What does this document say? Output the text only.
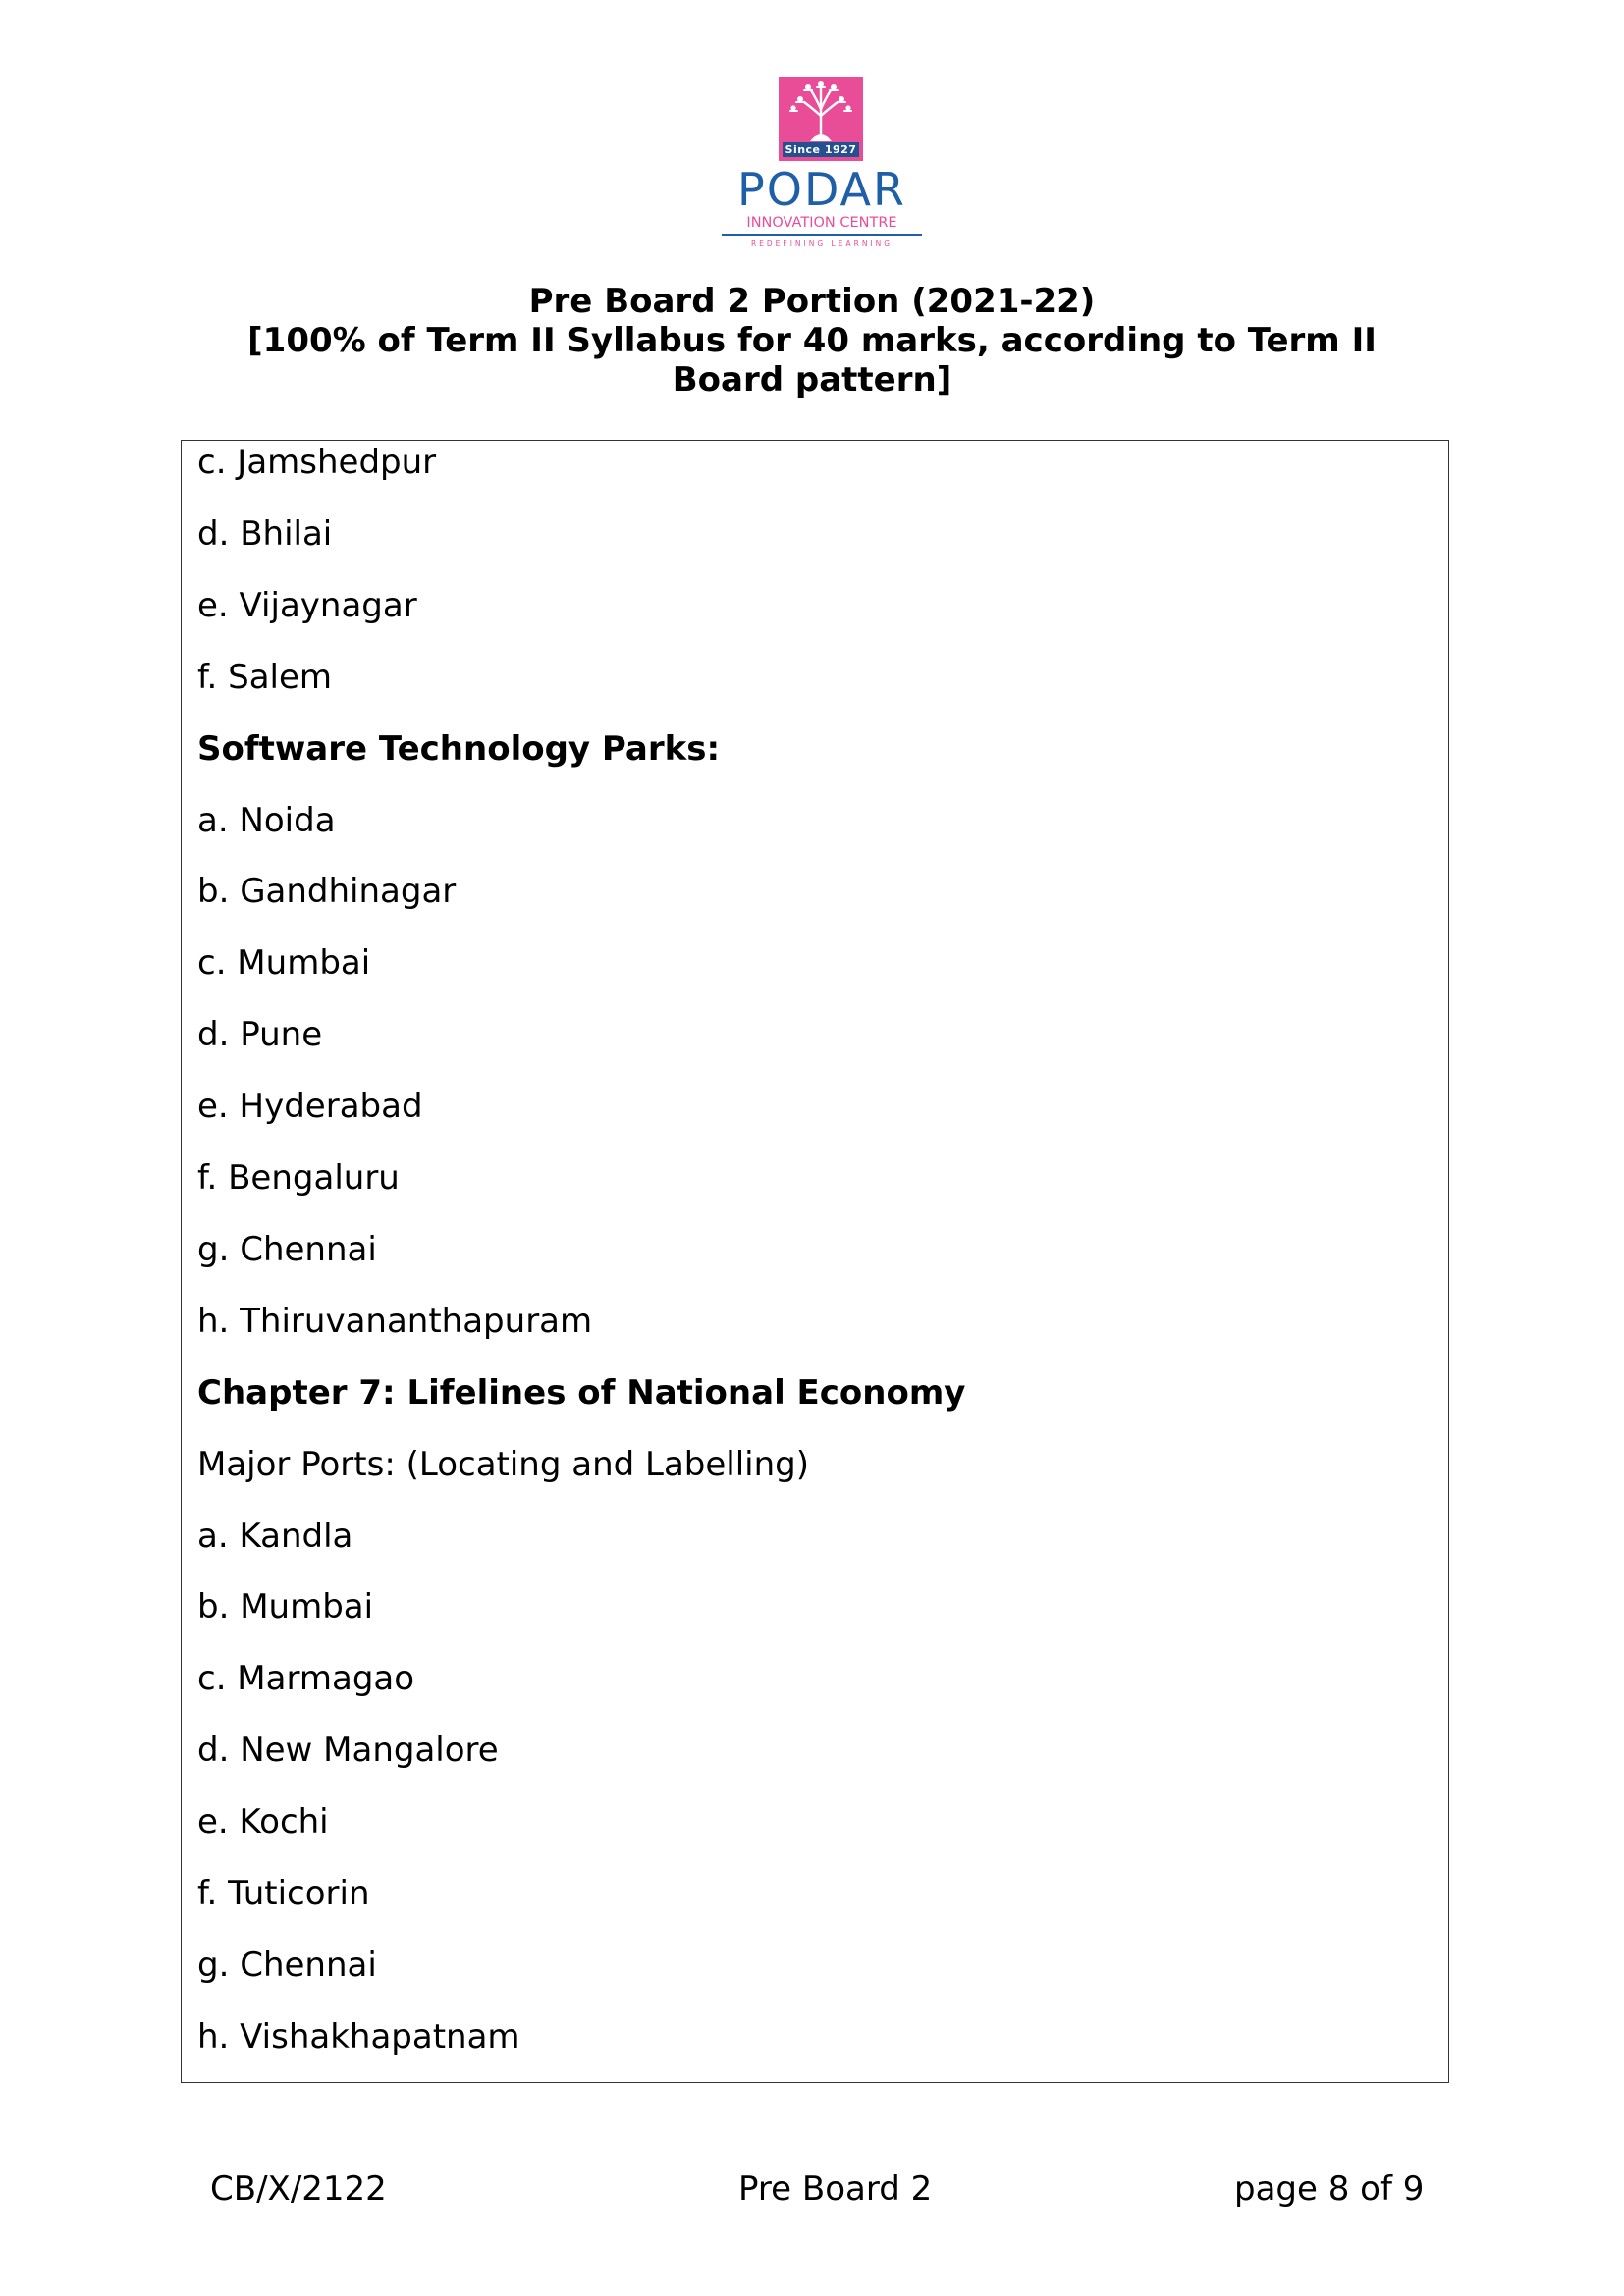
Since 1927
PODAR
INNOVATION CENTRE
REDEFINING LEARNING
Pre Board 2 Portion (2021-22)
[100% of Term II Syllabus for 40 marks, according to Term II
Board pattern]
c. Jamshedpur
d. Bhilai
e. Vijaynagar
f. Salem
Software Technology Parks:
a. Noida
b. Gandhinagar
c. Mumbai
d. Pune
e. Hyderabad
f. Bengaluru
g. Chennai
h. Thiruvananthapuram
Chapter 7: Lifelines of National Economy
Major Ports: (Locating and Labelling)
a. Kandla
b. Mumbai
c. Marmagao
d. New Mangalore
e. Kochi
f. Tuticorin
g. Chennai
h. Vishakhapatnam
CB/X/2122	Pre Board 2	page 8 of 9
